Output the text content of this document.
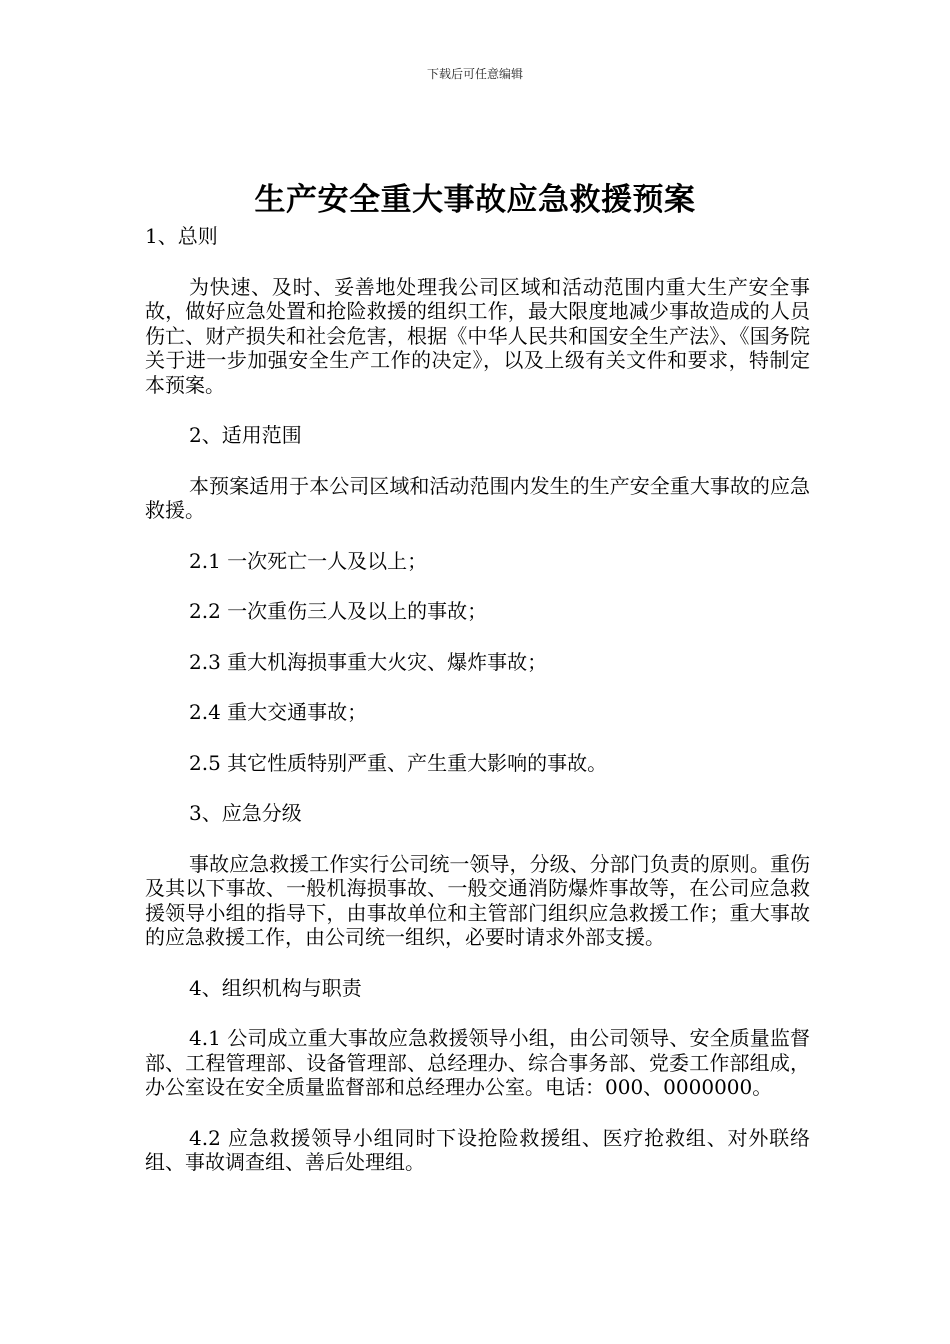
下载后可任意编辑
生产安全重大事故应急救援预案

1、总则

为快速、及时、妥善地处理我公司区域和活动范围内重大生产安全事故，做好应急处置和抢险救援的组织工作，最大限度地减少事故造成的人员伤亡、财产损失和社会危害，根据《中华人民共和国安全生产法》、《国务院关于进一步加强安全生产工作的决定》，以及上级有关文件和要求，特制定本预案。

2、适用范围

本预案适用于本公司区域和活动范围内发生的生产安全重大事故的应急救援。

2.1 一次死亡一人及以上；

2.2 一次重伤三人及以上的事故；

2.3 重大机海损事重大火灾、爆炸事故；

2.4 重大交通事故；

2.5 其它性质特别严重、产生重大影响的事故。

3、应急分级

事故应急救援工作实行公司统一领导，分级、分部门负责的原则。重伤及其以下事故、一般机海损事故、一般交通消防爆炸事故等，在公司应急救援领导小组的指导下，由事故单位和主管部门组织应急救援工作；重大事故的应急救援工作，由公司统一组织，必要时请求外部支援。

4、组织机构与职责

4.1 公司成立重大事故应急救援领导小组，由公司领导、安全质量监督部、工程管理部、设备管理部、总经理办、综合事务部、党委工作部组成，办公室设在安全质量监督部和总经理办公室。电话：000、0000000。

4.2 应急救援领导小组同时下设抢险救援组、医疗抢救组、对外联络组、事故调查组、善后处理组。
